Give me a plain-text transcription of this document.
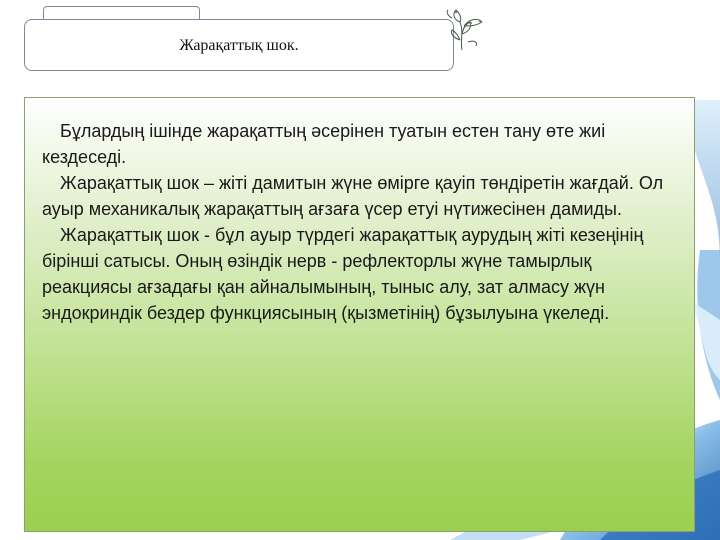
Жарақаттық шок.

Бұлардың ішінде жарақаттың әсерінен туатын естен тану өте жиі кездеседі.

Жарақаттық шок – жіті дамитын жүне өмірге қауіп төндіретін жағдай. Ол ауыр механикалық жарақаттың ағзаға үсер етуі нүтижесінен дамиды.

Жарақаттық шок - бұл ауыр түрдегі жарақаттық аурудың жіті кезеңінің бірінші сатысы. Оның өзіндік нерв - рефлекторлы жүне тамырлық реакциясы ағзадағы қан айналымының, тыныс алу, зат алмасу жүн эндокриндік бездер функциясының (қызметінің) бұзылуына үкеледі.
